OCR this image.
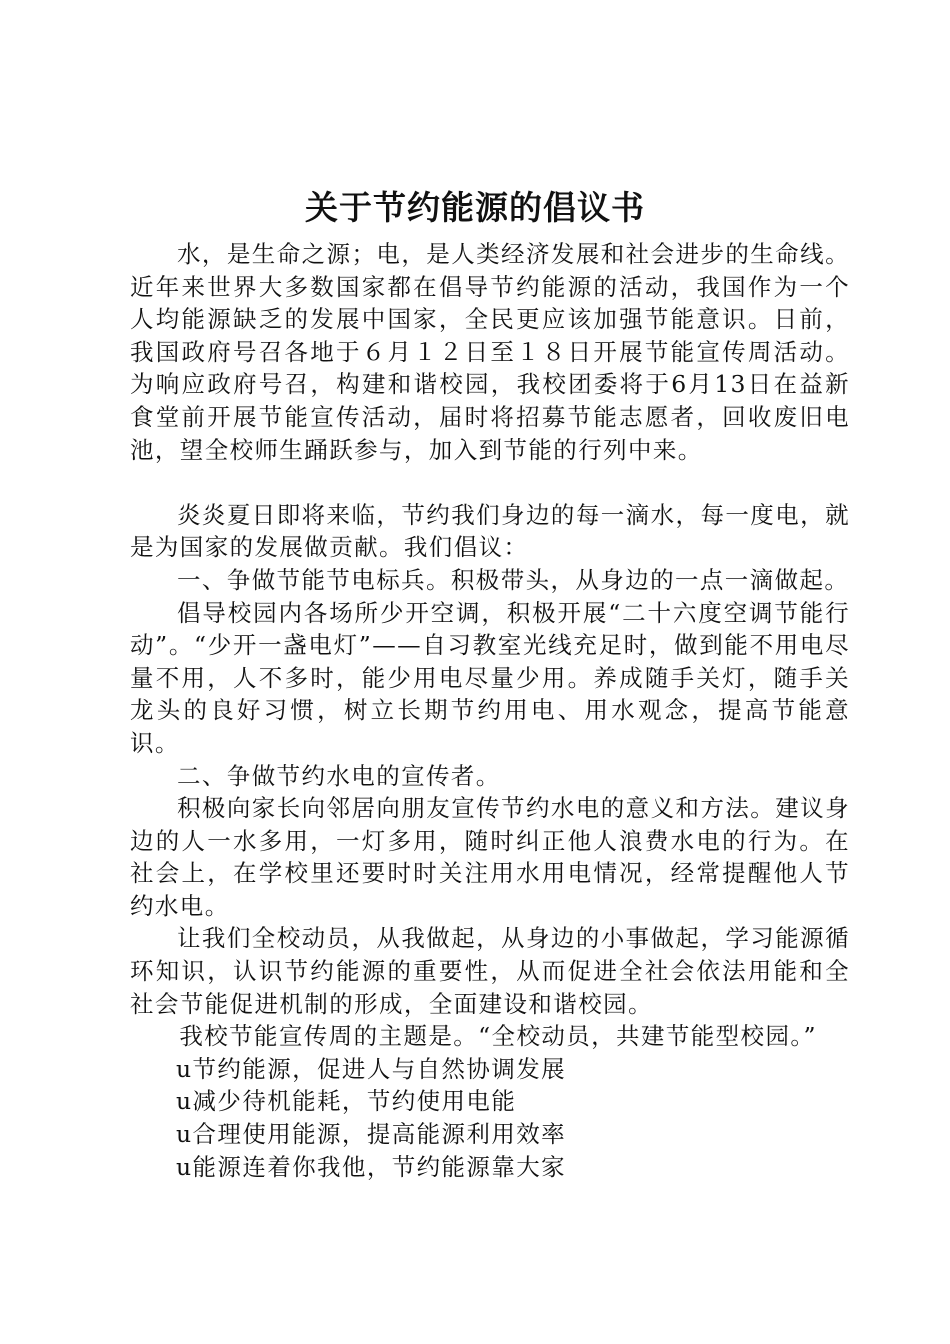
关于节约能源的倡议书

水，是生命之源；电，是人类经济发展和社会进步的生命线。近年来世界大多数国家都在倡导节约能源的活动，我国作为一个人均能源缺乏的发展中国家，全民更应该加强节能意识。日前，我国政府号召各地于６月１２日至１８日开展节能宣传周活动。为响应政府号召，构建和谐校园，我校团委将于6月13日在益新食堂前开展节能宣传活动，届时将招募节能志愿者，回收废旧电池，望全校师生踊跃参与，加入到节能的行列中来。

炎炎夏日即将来临，节约我们身边的每一滴水，每一度电，就是为国家的发展做贡献。我们倡议：

一、争做节能节电标兵。积极带头，从身边的一点一滴做起。

倡导校园内各场所少开空调，积极开展“二十六度空调节能行动”。“少开一盏电灯”——自习教室光线充足时，做到能不用电尽量不用，人不多时，能少用电尽量少用。养成随手关灯，随手关龙头的良好习惯，树立长期节约用电、用水观念，提高节能意识。

二、争做节约水电的宣传者。

积极向家长向邻居向朋友宣传节约水电的意义和方法。建议身边的人一水多用，一灯多用，随时纠正他人浪费水电的行为。在社会上，在学校里还要时时关注用水用电情况，经常提醒他人节约水电。

让我们全校动员，从我做起，从身边的小事做起，学习能源循环知识，认识节约能源的重要性，从而促进全社会依法用能和全社会节能促进机制的形成，全面建设和谐校园。

我校节能宣传周的主题是。“全校动员，共建节能型校园。”

u节约能源，促进人与自然协调发展

u减少待机能耗，节约使用电能

u合理使用能源，提高能源利用效率

u能源连着你我他，节约能源靠大家
